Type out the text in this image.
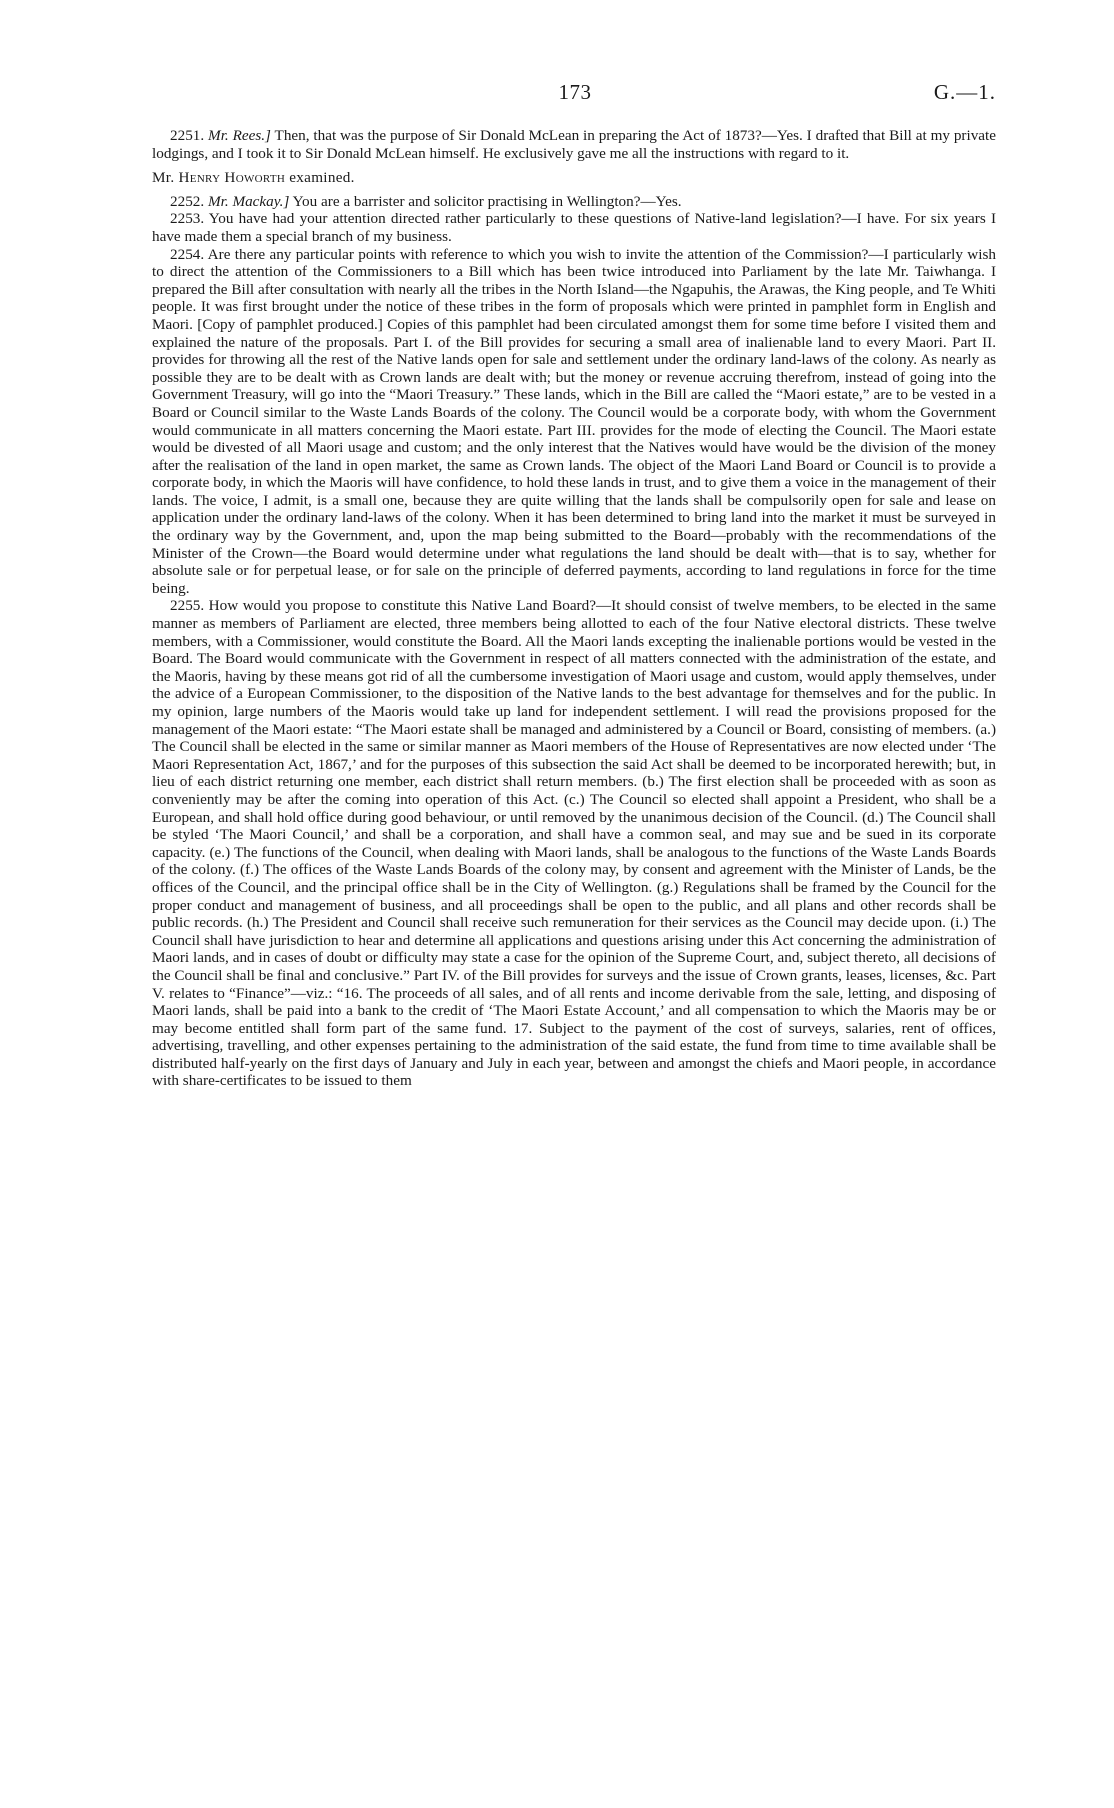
173	G.—1.

2251. Mr. Rees.] Then, that was the purpose of Sir Donald McLean in preparing the Act of 1873?—Yes. I drafted that Bill at my private lodgings, and I took it to Sir Donald McLean himself. He exclusively gave me all the instructions with regard to it.

Mr. Henry Howorth examined.

2252. Mr. Mackay.] You are a barrister and solicitor practising in Wellington?—Yes.

2253. You have had your attention directed rather particularly to these questions of Native-land legislation?—I have. For six years I have made them a special branch of my business.

2254. Are there any particular points with reference to which you wish to invite the attention of the Commission?—I particularly wish to direct the attention of the Commissioners to a Bill which has been twice introduced into Parliament by the late Mr. Taiwhanga. I prepared the Bill after consultation with nearly all the tribes in the North Island—the Ngapuhis, the Arawas, the King people, and Te Whiti people. It was first brought under the notice of these tribes in the form of proposals which were printed in pamphlet form in English and Maori. [Copy of pamphlet produced.] Copies of this pamphlet had been circulated amongst them for some time before I visited them and explained the nature of the proposals. Part I. of the Bill provides for securing a small area of inalienable land to every Maori. Part II. provides for throwing all the rest of the Native lands open for sale and settlement under the ordinary land-laws of the colony. As nearly as possible they are to be dealt with as Crown lands are dealt with; but the money or revenue accruing therefrom, instead of going into the Government Treasury, will go into the “Maori Treasury.” These lands, which in the Bill are called the “Maori estate,” are to be vested in a Board or Council similar to the Waste Lands Boards of the colony. The Council would be a corporate body, with whom the Government would communicate in all matters concerning the Maori estate. Part III. provides for the mode of electing the Council. The Maori estate would be divested of all Maori usage and custom; and the only interest that the Natives would have would be the division of the money after the realisation of the land in open market, the same as Crown lands. The object of the Maori Land Board or Council is to provide a corporate body, in which the Maoris will have confidence, to hold these lands in trust, and to give them a voice in the management of their lands. The voice, I admit, is a small one, because they are quite willing that the lands shall be compulsorily open for sale and lease on application under the ordinary land-laws of the colony. When it has been determined to bring land into the market it must be surveyed in the ordinary way by the Government, and, upon the map being submitted to the Board—probably with the recommendations of the Minister of the Crown—the Board would determine under what regulations the land should be dealt with—that is to say, whether for absolute sale or for perpetual lease, or for sale on the principle of deferred payments, according to land regulations in force for the time being.

2255. How would you propose to constitute this Native Land Board?—It should consist of twelve members, to be elected in the same manner as members of Parliament are elected, three members being allotted to each of the four Native electoral districts. These twelve members, with a Commissioner, would constitute the Board. All the Maori lands excepting the inalienable portions would be vested in the Board. The Board would communicate with the Government in respect of all matters connected with the administration of the estate, and the Maoris, having by these means got rid of all the cumbersome investigation of Maori usage and custom, would apply themselves, under the advice of a European Commissioner, to the disposition of the Native lands to the best advantage for themselves and for the public. In my opinion, large numbers of the Maoris would take up land for independent settlement. I will read the provisions proposed for the management of the Maori estate: “The Maori estate shall be managed and administered by a Council or Board, consisting of members. (a.) The Council shall be elected in the same or similar manner as Maori members of the House of Representatives are now elected under ‘The Maori Representation Act, 1867,’ and for the purposes of this subsection the said Act shall be deemed to be incorporated herewith; but, in lieu of each district returning one member, each district shall return members. (b.) The first election shall be proceeded with as soon as conveniently may be after the coming into operation of this Act. (c.) The Council so elected shall appoint a President, who shall be a European, and shall hold office during good behaviour, or until removed by the unanimous decision of the Council. (d.) The Council shall be styled ‘The Maori Council,’ and shall be a corporation, and shall have a common seal, and may sue and be sued in its corporate capacity. (e.) The functions of the Council, when dealing with Maori lands, shall be analogous to the functions of the Waste Lands Boards of the colony. (f.) The offices of the Waste Lands Boards of the colony may, by consent and agreement with the Minister of Lands, be the offices of the Council, and the principal office shall be in the City of Wellington. (g.) Regulations shall be framed by the Council for the proper conduct and management of business, and all proceedings shall be open to the public, and all plans and other records shall be public records. (h.) The President and Council shall receive such remuneration for their services as the Council may decide upon. (i.) The Council shall have jurisdiction to hear and determine all applications and questions arising under this Act concerning the administration of Maori lands, and in cases of doubt or difficulty may state a case for the opinion of the Supreme Court, and, subject thereto, all decisions of the Council shall be final and conclusive.” Part IV. of the Bill provides for surveys and the issue of Crown grants, leases, licenses, &c. Part V. relates to “Finance”—viz.: “16. The proceeds of all sales, and of all rents and income derivable from the sale, letting, and disposing of Maori lands, shall be paid into a bank to the credit of ‘The Maori Estate Account,’ and all compensation to which the Maoris may be or may become entitled shall form part of the same fund. 17. Subject to the payment of the cost of surveys, salaries, rent of offices, advertising, travelling, and other expenses pertaining to the administration of the said estate, the fund from time to time available shall be distributed half-yearly on the first days of January and July in each year, between and amongst the chiefs and Maori people, in accordance with share-certificates to be issued to them
